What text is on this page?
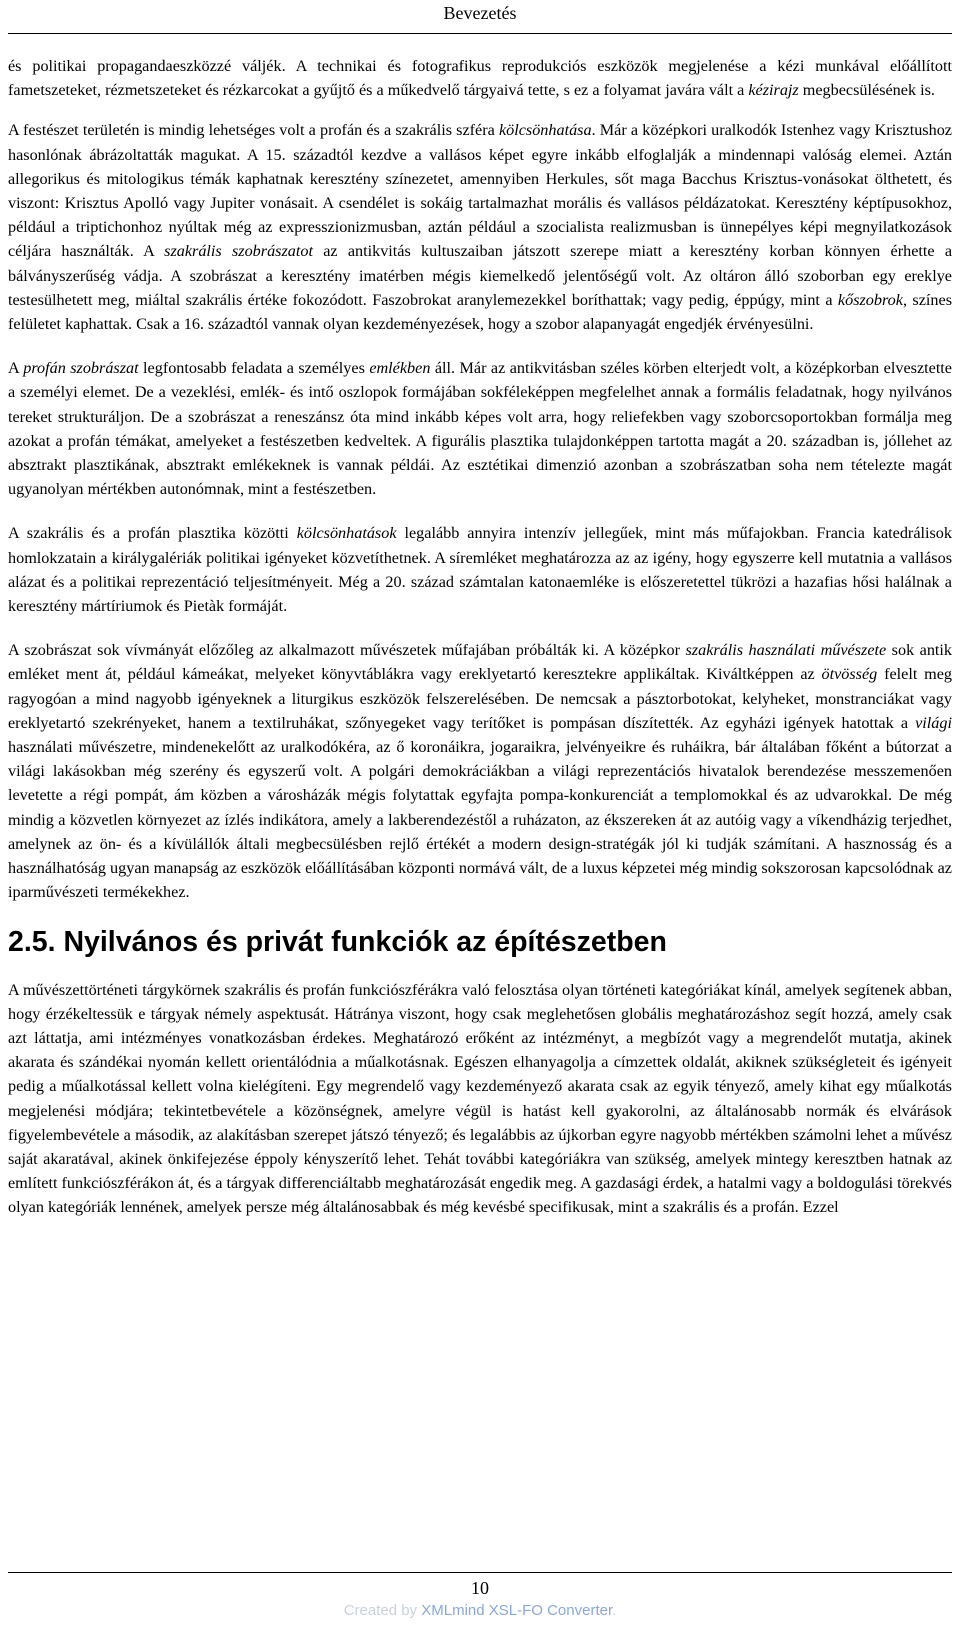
Bevezetés

és politikai propagandaeszközzé váljék. A technikai és fotografikus reprodukciós eszközök megjelenése a kézi munkával előállított fametszeteket, rézmetszeteket és rézkarcokat a gyűjtő és a műkedvelő tárgyaivá tette, s ez a folyamat javára vált a kézirajz megbecsülésének is.

A festészet területén is mindig lehetséges volt a profán és a szakrális szféra kölcsönhatása. Már a középkori uralkodók Istenhez vagy Krisztushoz hasonlónak ábrázoltatták magukat. A 15. századtól kezdve a vallásos képet egyre inkább elfoglalják a mindennapi valóság elemei. Aztán allegorikus és mitologikus témák kaphatnak keresztény színezetet, amennyiben Herkules, sőt maga Bacchus Krisztus-vonásokat ölthetett, és viszont: Krisztus Apolló vagy Jupiter vonásait. A csendélet is sokáig tartalmazhat morális és vallásos példázatokat. Keresztény képtípusokhoz, például a triptichonhoz nyúltak még az expresszionizmusban, aztán például a szocialista realizmusban is ünnepélyes képi megnyilatkozások céljára használták. A szakrális szobrászatot az antikvitás kultuszaiban játszott szerepe miatt a keresztény korban könnyen érhette a bálványszerűség vádja. A szobrászat a keresztény imatérben mégis kiemelkedő jelentőségű volt. Az oltáron álló szoborban egy ereklye testesülhetett meg, miáltal szakrális értéke fokozódott. Faszobrokat aranylemezekkel boríthattak; vagy pedig, éppúgy, mint a kőszobrok, színes felületet kaphattak. Csak a 16. századtól vannak olyan kezdeményezések, hogy a szobor alapanyagát engedjék érvényesülni.

A profán szobrászat legfontosabb feladata a személyes emlékben áll. Már az antikvitásban széles körben elterjedt volt, a középkorban elvesztette a személyi elemet. De a vezeklési, emlék- és intő oszlopok formájában sokféleképpen megfelelhet annak a formális feladatnak, hogy nyilvános tereket strukturáljon. De a szobrászat a reneszánsz óta mind inkább képes volt arra, hogy reliefekben vagy szoborcsoportokban formálja meg azokat a profán témákat, amelyeket a festészetben kedveltek. A figurális plasztika tulajdonképpen tartotta magát a 20. században is, jóllehet az absztrakt plasztikának, absztrakt emlékeknek is vannak példái. Az esztétikai dimenzió azonban a szobrászatban soha nem tételezte magát ugyanolyan mértékben autonómnak, mint a festészetben.

A szakrális és a profán plasztika közötti kölcsönhatások legalább annyira intenzív jellegűek, mint más műfajokban. Francia katedrálisok homlokzatain a királygalériák politikai igényeket közvetíthetnek. A síremléket meghatározza az az igény, hogy egyszerre kell mutatnia a vallásos alázat és a politikai reprezentáció teljesítményeit. Még a 20. század számtalan katonaemléke is előszeretettel tükrözi a hazafias hősi halálnak a keresztény mártíriumok és Pietàk formáját.

A szobrászat sok vívmányát előzőleg az alkalmazott művészetek műfajában próbálták ki. A középkor szakrális használati művészete sok antik emléket ment át, például kámeákat, melyeket könyvtáblákra vagy ereklyetartó keresztekre applikáltak. Kiváltképpen az ötvösség felelt meg ragyogóan a mind nagyobb igényeknek a liturgikus eszközök felszerelésében. De nemcsak a pásztorbotokat, kelyheket, monstranciákat vagy ereklyetartó szekrényeket, hanem a textilruhákat, szőnyegeket vagy terítőket is pompásan díszítették. Az egyházi igények hatottak a világi használati művészetre, mindenekelőtt az uralkodókéra, az ő koronáikra, jogaraikra, jelvényeikre és ruháikra, bár általában főként a bútorzat a világi lakásokban még szerény és egyszerű volt. A polgári demokráciákban a világi reprezentációs hivatalok berendezése messzemenően levetette a régi pompát, ám közben a városházák mégis folytattak egyfajta pompa-konkurenciát a templomokkal és az udvarokkal. De még mindig a közvetlen környezet az ízlés indikátora, amely a lakberendezéstől a ruházaton, az ékszereken át az autóig vagy a víkendházig terjedhet, amelynek az ön- és a kívülállók általi megbecsülésben rejlő értékét a modern design-stratégák jól ki tudják számítani. A hasznosság és a használhatóság ugyan manapság az eszközök előállításában központi normává vált, de a luxus képzetei még mindig sokszorosan kapcsolódnak az iparművészeti termékekhez.

2.5. Nyilvános és privát funkciók az építészetben

A művészettörténeti tárgykörnek szakrális és profán funkciószférákra való felosztása olyan történeti kategóriákat kínál, amelyek segítenek abban, hogy érzékeltessük e tárgyak némely aspektusát. Hátránya viszont, hogy csak meglehetősen globális meghatározáshoz segít hozzá, amely csak azt láttatja, ami intézményes vonatkozásban érdekes. Meghatározó erőként az intézményt, a megbízót vagy a megrendelőt mutatja, akinek akarata és szándékai nyomán kellett orientálódnia a műalkotásnak. Egészen elhanyagolja a címzettek oldalát, akiknek szükségleteit és igényeit pedig a műalkotással kellett volna kielégíteni. Egy megrendelő vagy kezdeményező akarata csak az egyik tényező, amely kihat egy műalkotás megjelenési módjára; tekintetbevétele a közönségnek, amelyre végül is hatást kell gyakorolni, az általánosabb normák és elvárások figyelembevétele a második, az alakításban szerepet játszó tényező; és legalábbis az újkorban egyre nagyobb mértékben számolni lehet a művész saját akaratával, akinek önkifejezése éppoly kényszerítő lehet. Tehát további kategóriákra van szükség, amelyek mintegy keresztben hatnak az említett funkciószférákon át, és a tárgyak differenciáltabb meghatározását engedik meg. A gazdasági érdek, a hatalmi vagy a boldogulási törekvés olyan kategóriák lennének, amelyek persze még általánosabbak és még kevésbé specifikusak, mint a szakrális és a profán. Ezzel

10
Created by XMLmind XSL-FO Converter.
